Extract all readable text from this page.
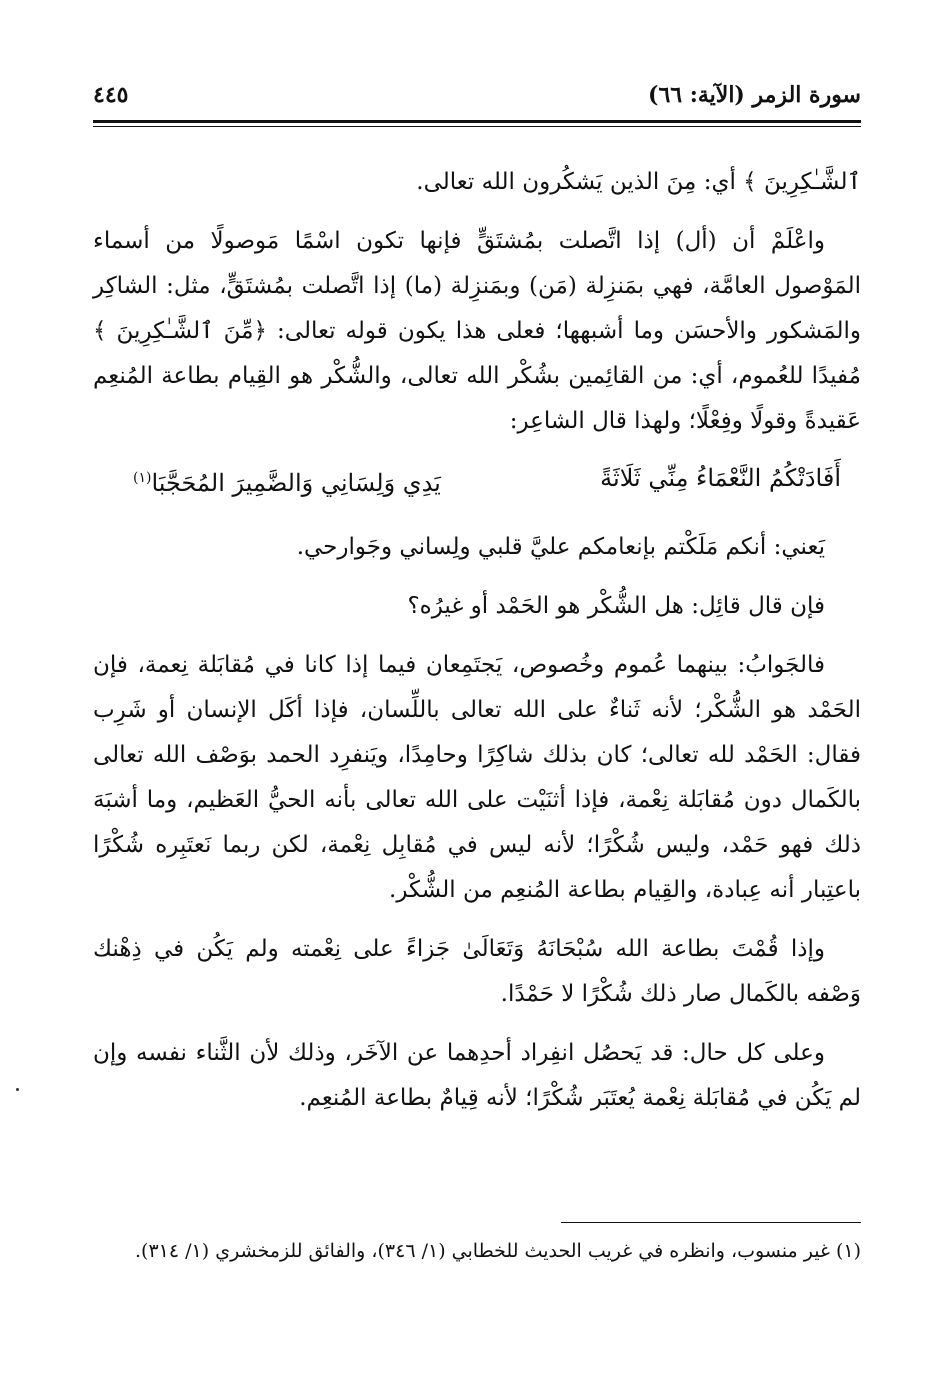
سورة الزمر (الآية: ٦٦)
٤٤٥

ٱلشَّـٰكِرِينَ ﴾ أي: مِنَ الذين يَشكُرون الله تعالى.

واعْلَمْ أن (أل) إذا اتَّصلت بمُشتَقٍّ فإنها تكون اسْمًا مَوصولًا من أسماء المَوْصول العامَّة، فهي بمَنزِلة (مَن) وبمَنزِلة (ما) إذا اتَّصلت بمُشتَقٍّ، مثل: الشاكِر والمَشكور والأحسَن وما أشبهها؛ فعلى هذا يكون قوله تعالى: ﴿مِّنَ ٱلشَّـٰكِرِينَ ﴾ مُفيدًا للعُموم، أي: من القائِمين بشُكْر الله تعالى، والشُّكْر هو القِيام بطاعة المُنعِم عَقيدةً وقولًا وفِعْلًا؛ ولهذا قال الشاعِر:

أَفَادَتْكُمُ النَّعْمَاءُ مِنِّي ثَلَاثَةً
يَدِي وَلِسَانِي وَالضَّمِيرَ المُحَجَّبَا$^{(١)}$

يَعني: أنكم مَلَكْتم بإنعامكم عليَّ قلبي ولِساني وجَوارحي.

فإن قال قائِل: هل الشُّكْر هو الحَمْد أو غيرُه؟

فالجَوابُ: بينهما عُموم وخُصوص، يَجتَمِعان فيما إذا كانا في مُقابَلة نِعمة، فإن الحَمْد هو الشُّكْر؛ لأنه ثَناءٌ على الله تعالى باللِّسان، فإذا أكَل الإنسان أو شَرِب فقال: الحَمْد لله تعالى؛ كان بذلك شاكِرًا وحامِدًا، ويَنفرِد الحمد بوَصْف الله تعالى بالكَمال دون مُقابَلة نِعْمة، فإذا أثنَيْت على الله تعالى بأنه الحيُّ العَظيم، وما أشبَهَ ذلك فهو حَمْد، وليس شُكْرًا؛ لأنه ليس في مُقابِل نِعْمة، لكن ربما نَعتَبِره شُكْرًا باعتِبار أنه عِبادة، والقِيام بطاعة المُنعِم من الشُّكْر.

وإذا قُمْتَ بطاعة الله سُبْحَانَهُ وَتَعَالَىٰ جَزاءً على نِعْمته ولم يَكُن في ذِهْنك وَصْفه بالكَمال صار ذلك شُكْرًا لا حَمْدًا.

وعلى كل حال: قد يَحصُل انفِراد أحدِهما عن الآخَر، وذلك لأن الثَّناء نفسه وإن لم يَكُن في مُقابَلة نِعْمة يُعتَبَر شُكْرًا؛ لأنه قِيامٌ بطاعة المُنعِم.

(١) غير منسوب، وانظره في غريب الحديث للخطابي (١/ ٣٤٦)، والفائق للزمخشري (١/ ٣١٤).
